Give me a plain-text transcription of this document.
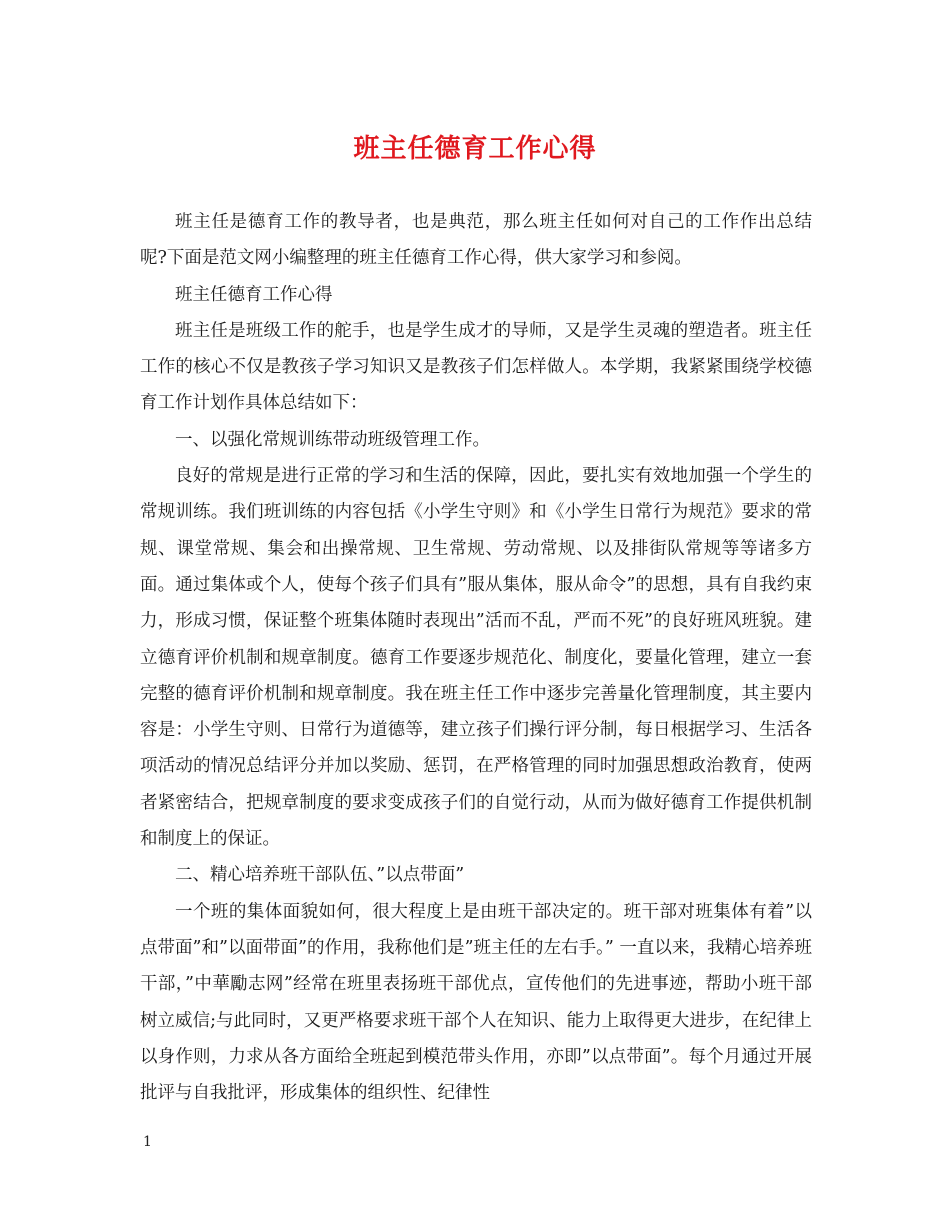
班主任德育工作心得

班主任是德育工作的教导者，也是典范，那么班主任如何对自己的工作作出总结呢?下面是范文网小编整理的班主任德育工作心得，供大家学习和参阅。

班主任德育工作心得

班主任是班级工作的舵手，也是学生成才的导师，又是学生灵魂的塑造者。班主任工作的核心不仅是教孩子学习知识又是教孩子们怎样做人。本学期，我紧紧围绕学校德育工作计划作具体总结如下：

一、以强化常规训练带动班级管理工作。

良好的常规是进行正常的学习和生活的保障，因此，要扎实有效地加强一个学生的常规训练。我们班训练的内容包括《小学生守则》和《小学生日常行为规范》要求的常规、课堂常规、集会和出操常规、卫生常规、劳动常规、以及排街队常规等等诸多方面。通过集体或个人，使每个孩子们具有”服从集体，服从命令”的思想，具有自我约束力，形成习惯，保证整个班集体随时表现出”活而不乱，严而不死”的良好班风班貌。建立德育评价机制和规章制度。德育工作要逐步规范化、制度化，要量化管理，建立一套完整的德育评价机制和规章制度。我在班主任工作中逐步完善量化管理制度，其主要内容是：小学生守则、日常行为道德等，建立孩子们操行评分制，每日根据学习、生活各项活动的情况总结评分并加以奖励、惩罚，在严格管理的同时加强思想政治教育，使两者紧密结合，把规章制度的要求变成孩子们的自觉行动，从而为做好德育工作提供机制和制度上的保证。

二、精心培养班干部队伍、”以点带面”

一个班的集体面貌如何，很大程度上是由班干部决定的。班干部对班集体有着”以点带面”和”以面带面”的作用，我称他们是”班主任的左右手。” 一直以来，我精心培养班干部，”中華勵志网”经常在班里表扬班干部优点，宣传他们的先进事迹，帮助小班干部树立威信;与此同时，又更严格要求班干部个人在知识、能力上取得更大进步，在纪律上以身作则，力求从各方面给全班起到模范带头作用，亦即”以点带面”。每个月通过开展批评与自我批评，形成集体的组织性、纪律性

1
